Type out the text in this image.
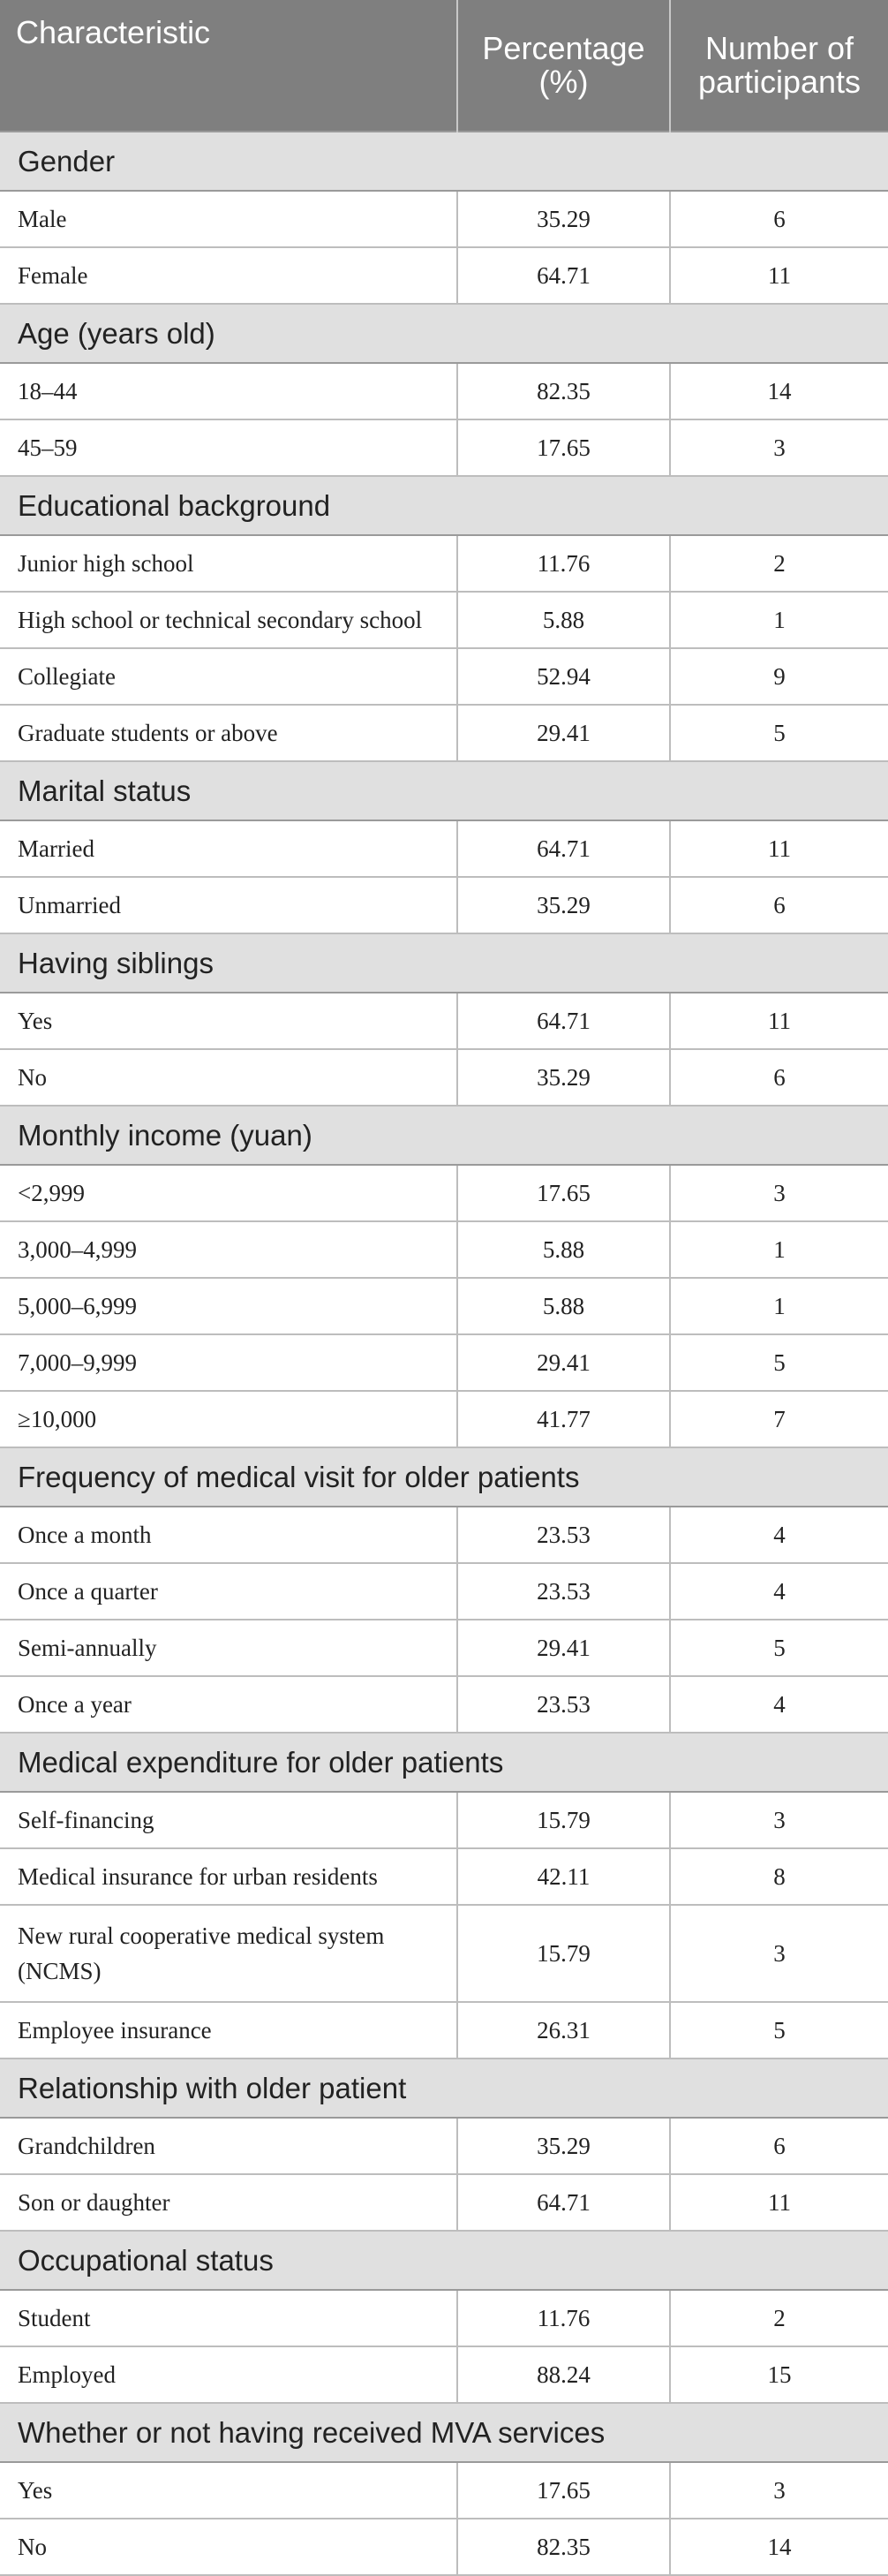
Characteristic	Percentage (%)	Number of participants
Gender		
Male	35.29	6
Female	64.71	11
Age (years old)		
18–44	82.35	14
45–59	17.65	3
Educational background		
Junior high school	11.76	2
High school or technical secondary school	5.88	1
Collegiate	52.94	9
Graduate students or above	29.41	5
Marital status		
Married	64.71	11
Unmarried	35.29	6
Having siblings		
Yes	64.71	11
No	35.29	6
Monthly income (yuan)		
<2,999	17.65	3
3,000–4,999	5.88	1
5,000–6,999	5.88	1
7,000–9,999	29.41	5
≥10,000	41.77	7
Frequency of medical visit for older patients		
Once a month	23.53	4
Once a quarter	23.53	4
Semi-annually	29.41	5
Once a year	23.53	4
Medical expenditure for older patients		
Self-financing	15.79	3
Medical insurance for urban residents	42.11	8
New rural cooperative medical system (NCMS)	15.79	3
Employee insurance	26.31	5
Relationship with older patient		
Grandchildren	35.29	6
Son or daughter	64.71	11
Occupational status		
Student	11.76	2
Employed	88.24	15
Whether or not having received MVA services		
Yes	17.65	3
No	82.35	14
